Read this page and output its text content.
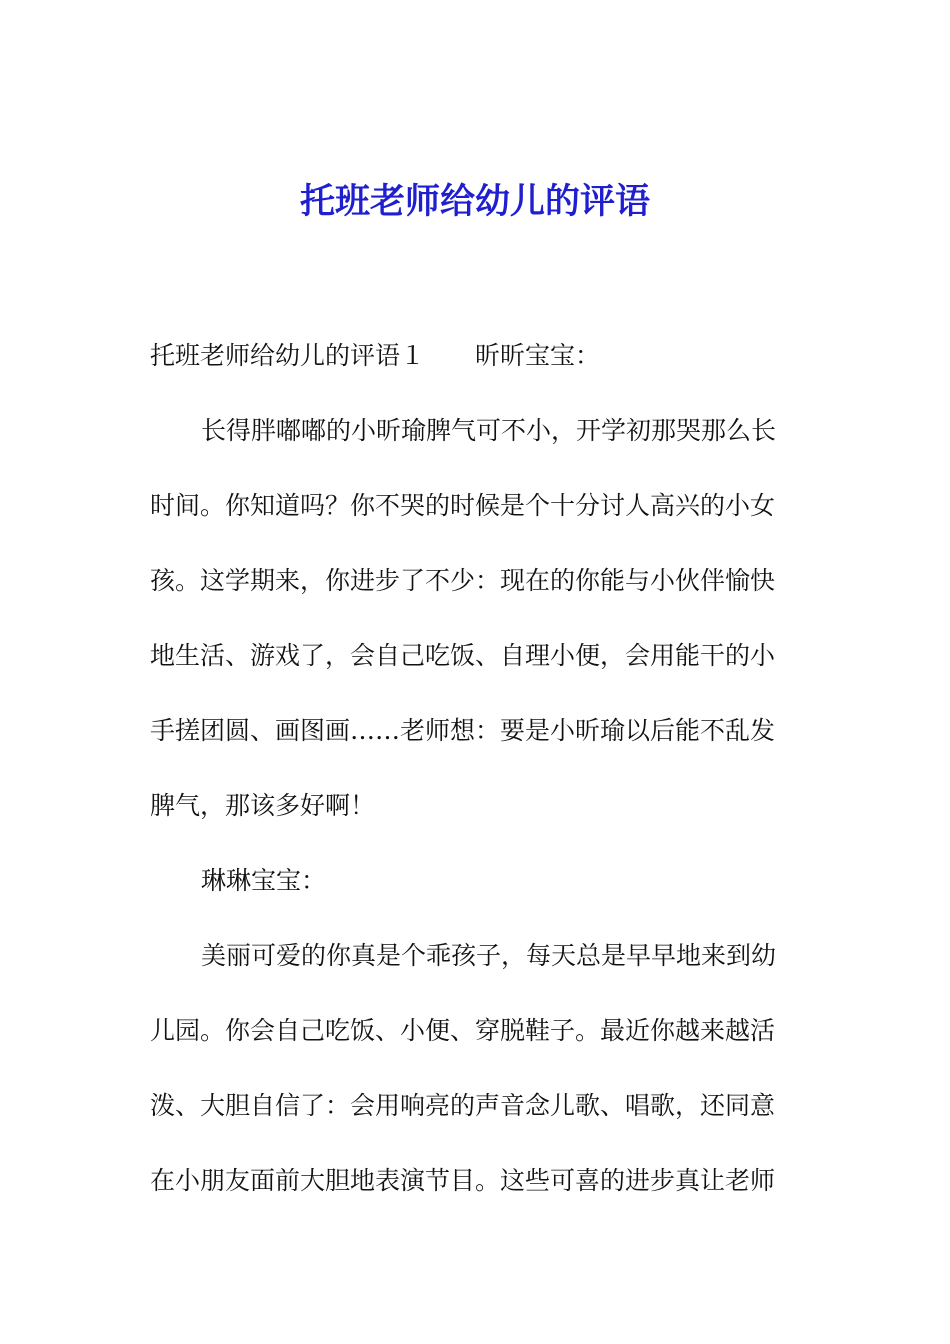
托班老师给幼儿的评语
托班老师给幼儿的评语１ 昕昕宝宝：
长得胖嘟嘟的小昕瑜脾气可不小，开学初那哭那么长
时间。你知道吗？你不哭的时候是个十分讨人高兴的小女
孩。这学期来，你进步了不少：现在的你能与小伙伴愉快
地生活、游戏了，会自己吃饭、自理小便，会用能干的小
手搓团圆、画图画……老师想：要是小昕瑜以后能不乱发
脾气，那该多好啊！
琳琳宝宝：
美丽可爱的你真是个乖孩子，每天总是早早地来到幼
儿园。你会自己吃饭、小便、穿脱鞋子。最近你越来越活
泼、大胆自信了：会用响亮的声音念儿歌、唱歌，还同意
在小朋友面前大胆地表演节目。这些可喜的进步真让老师
